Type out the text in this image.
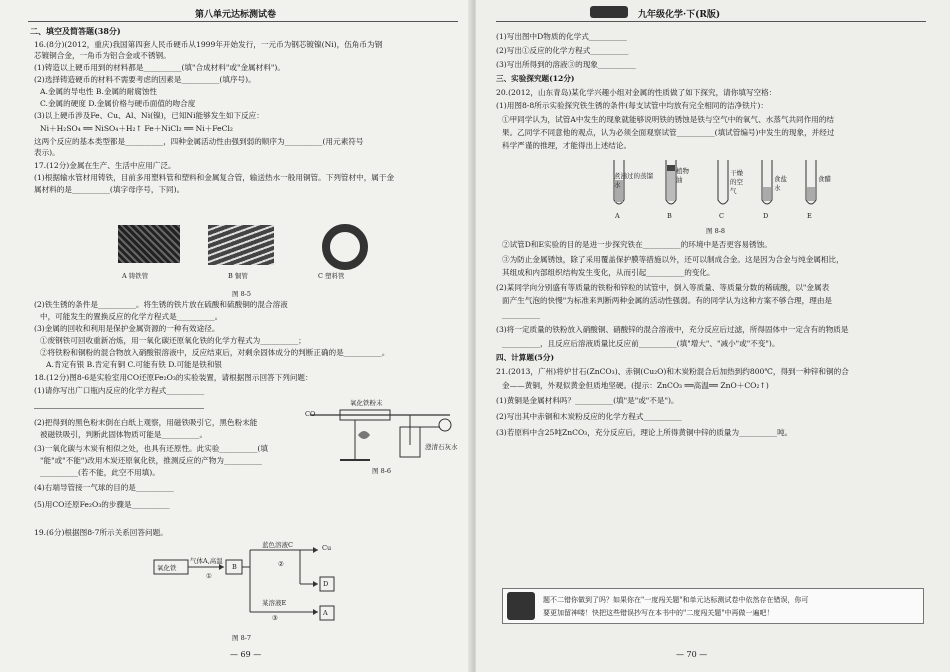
第八单元达标测试卷
二、填空及简答题(38分)
16.(8分)(2012，重庆)我国第四套人民币硬币从1999年开始发行，一元币为钢芯镀镍(Ni)，伍角币为钢
芯镀铜合金，一角币为铝合金或不锈钢。
(1)铸造以上硬币用到的材料都是__________(填"合成材料"或"金属材料")。
(2)选择铸造硬币的材料不需要考虑的因素是__________(填序号)。
A.金属的导电性 B.金属的耐腐蚀性
C.金属的硬度 D.金属价格与硬币面值的吻合度
(3)以上硬币涉及Fe、Cu、Al、Ni(镍)，已知Ni能够发生如下反应：
Ni＋H₂SO₄ ══ NiSO₄＋H₂↑ Fe＋NiCl₂ ══ Ni＋FeCl₂
这两个反应的基本类型都是__________，四种金属活动性由强到弱的顺序为__________(用元素符号
表示)。
17.(12分)金属在生产、生活中应用广泛。
(1)根据输水管材用铸铁，目前多用塑料管和塑料和金属复合管，输送热水一般用铜管。下列管材中，属于金
属材料的是__________(填字母序号，下同)。
A 铸铁管	B 铜管	C 塑料管
图 8-5
(2)铁生锈的条件是__________。将生锈的铁片放在硫酸和硫酸铜的混合溶液
中，可能发生的置换反应的化学方程式是__________。
(3)金属的回收和利用是保护金属资源的一种有效途径。
①废钢铁可回收重新冶炼，用一氧化碳还原氧化铁的化学方程式为__________；
②将铁粉和铜粉的混合物放入硝酸银溶液中，反应结束后，对剩余固体成分的判断正确的是__________。
A.肯定有银 B.肯定有铜 C.可能有铁 D.可能是铁和银
18.(12分)图8-6是实验室用CO还原Fe₂O₃的实验装置，请根据图示回答下列问题：
(1)请你写出广口瓶内反应的化学方程式__________
(2)把得到的黑色粉末倒在白纸上观察，用磁铁吸引它，黑色粉末能
被磁铁吸引，判断此固体物质可能是__________。
(3)一氧化碳与木炭有相似之处，也具有还原性。此实验__________(填
"能"或"不能")改用木炭还原氧化铁，推测反应的产物为__________
__________(若不能，此空不用填)。
(4)右端导管接一气球的目的是__________
(5)用CO还原Fe₂O₃的步骤是__________
19.(6分)根据图8-7所示关系回答问题。
氧化铁粉末
CO
澄清石灰水
图 8-6
氧化铁
气体A,高温
①
B
蓝色溶液C
②
Cu
D
某溶液E
③
A
图 8-7
— 69 —
九年级化学·下(R版)
(1)写出图中D物质的化学式__________
(2)写出①反应的化学方程式__________
(3)写出所得到的溶液③的现象__________
三、实验探究题(12分)
20.(2012，山东青岛)某化学兴趣小组对金属的性质做了如下探究，请你填写空格：
(1)用图8-8所示实验探究铁生锈的条件(每支试管中均放有完全相同的洁净铁片)：
①甲同学认为，试管A中发生的现象就能够说明铁的锈蚀是铁与空气中的氧气、水蒸气共同作用的结
果。乙同学不同意他的观点，认为必须全面观察试管__________(填试管编号)中发生的现象，并经过
科学严谨的推理，才能得出上述结论。
煮沸过的蒸馏水
植物油
干燥的空气
食盐水
食醋
A	B	C	D	E
图 8-8
②试管D和E实验的目的是进一步探究铁在__________的环境中是否更容易锈蚀。
③为防止金属锈蚀，除了采用覆盖保护膜等措施以外，还可以制成合金。这是因为合金与纯金属相比，
其组成和内部组织结构发生变化，从而引起__________的变化。
(2)某同学向分别盛有等质量的铁粉和锌粒的试管中，倒入等质量、等质量分数的稀硫酸，以"金属表
面产生气泡的快慢"为标准来判断两种金属的活动性强弱。有的同学认为这种方案不够合理，理由是
__________
(3)将一定质量的铁粉放入硝酸铜、硝酸锌的混合溶液中，充分反应后过滤，所得固体中一定含有的物质是
__________，且反应后溶液质量比反应前__________(填"增大"、"减小"或"不变")。
四、计算题(5分)
21.(2013，广州)将炉甘石(ZnCO₃)、赤铜(Cu₂O)和木炭粉混合后加热到约800℃，得到一种锌和铜的合
金——黄铜，外观似黄金但质地坚硬。(提示：ZnCO₃ ══高温══ ZnO＋CO₂↑)
(1)黄铜是金属材料吗？__________(填"是"或"不是")。
(2)写出其中赤铜和木炭粉反应的化学方程式__________
(3)若原料中含25吨ZnCO₃，充分反应后，理论上所得黄铜中锌的质量为__________吨。
题不二错你做到了吗？如果你在"一度闯关题"和单元达标测试卷中依然存在错误，你可
要更加留神喽！快把这些错误抄写在本书中的"二度闯关题"中再做一遍吧！
— 70 —
